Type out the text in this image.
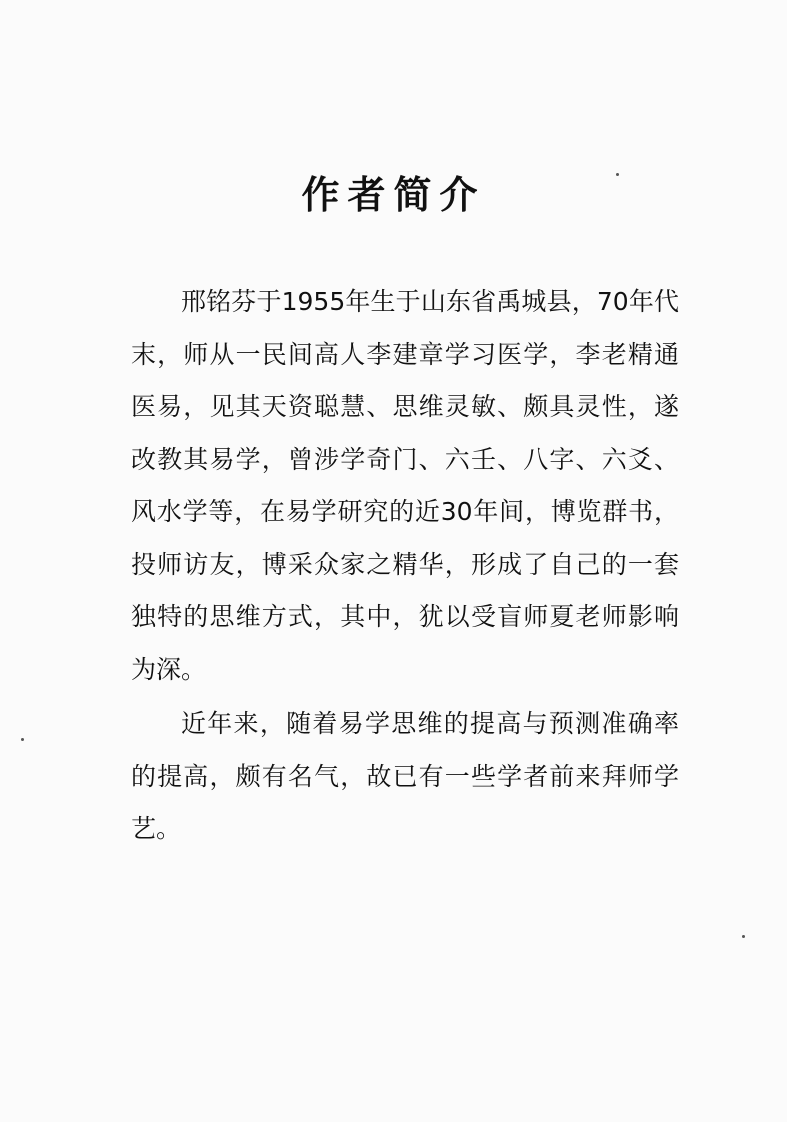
作者简介

邢铭芬于1955年生于山东省禹城县，70年代末，师从一民间高人李建章学习医学，李老精通医易，见其天资聪慧、思维灵敏、颇具灵性，遂改教其易学，曾涉学奇门、六壬、八字、六爻、风水学等，在易学研究的近30年间，博览群书，投师访友，博采众家之精华，形成了自己的一套独特的思维方式，其中，犹以受盲师夏老师影响为深。

近年来，随着易学思维的提高与预测准确率的提高，颇有名气，故已有一些学者前来拜师学艺。
